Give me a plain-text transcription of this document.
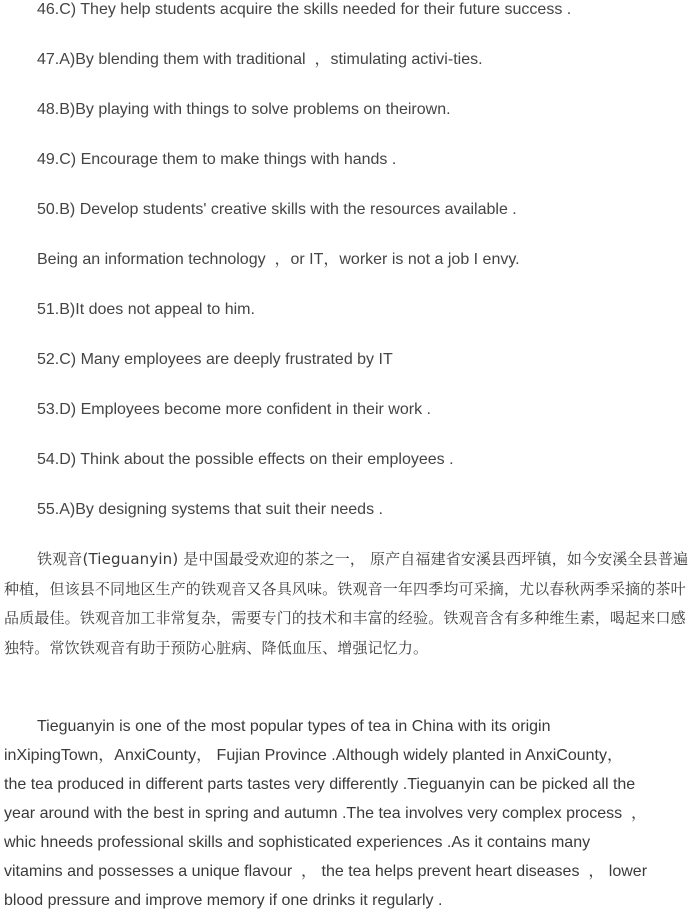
46.C) They help students acquire the skills needed for their future success .
47.A)By blending them with traditional  ，stimulating activi-ties.
48.B)By playing with things to solve problems on theirown.
49.C) Encourage them to make things with hands .
50.B) Develop students' creative skills with the resources available .
Being an information technology  ，or IT，worker is not a job I envy.
51.B)It does not appeal to him.
52.C) Many employees are deeply frustrated by IT
53.D) Employees become more confident in their work .
54.D) Think about the possible effects on their employees .
55.A)By designing systems that suit their needs .

铁观音(Tieguanyin) 是中国最受欢迎的茶之一， 原产自福建省安溪县西坪镇，如今安溪全县普遍种植，但该县不同地区生产的铁观音又各具风味。铁观音一年四季均可采摘，尤以春秋两季采摘的茶叶品质最佳。铁观音加工非常复杂，需要专门的技术和丰富的经验。铁观音含有多种维生素，喝起来口感独特。常饮铁观音有助于预防心脏病、降低血压、增强记忆力。

Tieguanyin is one of the most popular types of tea in China with its origin
inXipingTown，AnxiCounty， Fujian Province .Although widely planted in AnxiCounty，
the tea produced in different parts tastes very differently .Tieguanyin can be picked all the
year around with the best in spring and autumn .The tea involves very complex process  ，
whic hneeds professional skills and sophisticated experiences .As it contains many
vitamins and possesses a unique flavour  ， the tea helps prevent heart diseases  ， lower
blood pressure and improve memory if one drinks it regularly .
